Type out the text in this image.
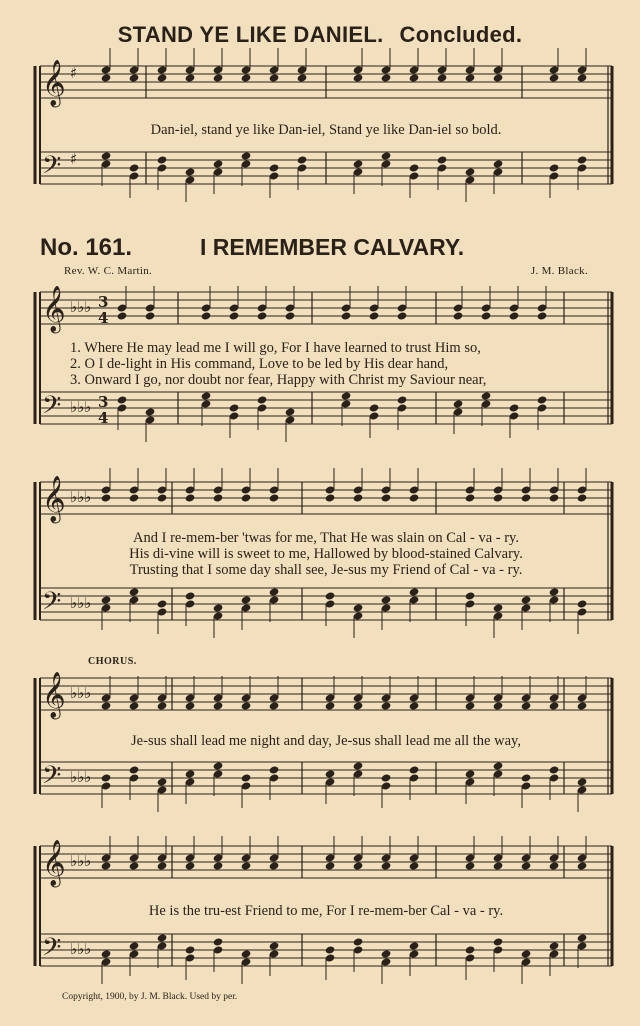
STAND YE LIKE DANIEL. Concluded.
Dan-iel, stand ye like Dan-iel, Stand ye like Dan-iel so bold.
No. 161.	I REMEMBER CALVARY.
Rev. W. C. Martin.	J. M. Black.
1. Where He may lead me I will go, For I have learned to trust Him so,
2. O I de-light in His command, Love to be led by His dear hand,
3. Onward I go, nor doubt nor fear, Happy with Christ my Saviour near,
And I re-mem-ber 'twas for me, That He was slain on Cal - va - ry.
His di-vine will is sweet to me, Hallowed by blood-stained Calvary.
Trusting that I some day shall see, Je-sus my Friend of Cal - va - ry.
CHORUS.
Je-sus shall lead me night and day, Je-sus shall lead me all the way,
He is the tru-est Friend to me, For I re-mem-ber Cal - va - ry.
Copyright, 1900, by J. M. Black. Used by per.
𝄞 ♯
𝄢 ♯
𝄞 ♭♭♭ 3
4
𝄢 ♭♭♭ 3
4
𝄞 ♭♭♭
𝄢 ♭♭♭
𝄞 ♭♭♭
𝄢 ♭♭♭
𝄞 ♭♭♭
𝄢 ♭♭♭
